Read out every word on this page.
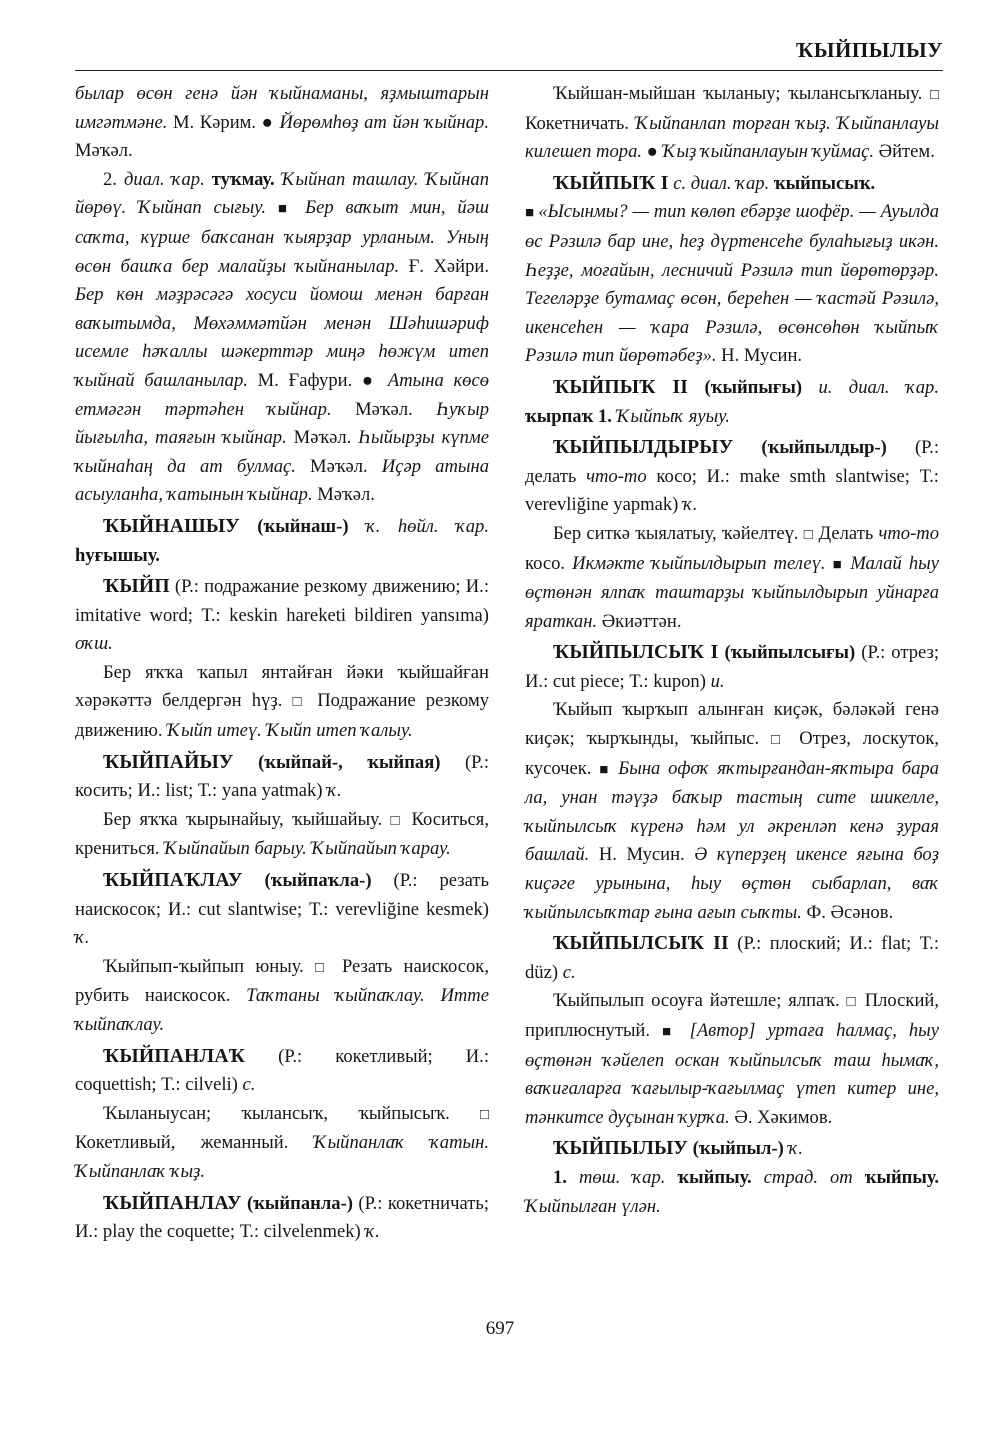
ҠЫЙПЫЛЫУ

былар өсөн генә йән ҡыйнаманы, яҙмыштарын имгәтмәне. М. Кәрим. ● Йөрөмһөҙ ат йән ҡыйнар. Мәҡәл.

2. диал. ҡар. туҡмау. Ҡыйнап ташлау. Ҡыйнап йөрөү. Ҡыйнап сығыу. ■ Бер ваҡыт мин, йәш саҡта, күрше баҡсанан ҡыярҙар урланым. Уның өсөн башҡа бер малайҙы ҡыйнанылар. Ғ. Хәйри. Бер көн мәҙрәсәгә хосуси йомош менән барған ваҡытымда, Мөхәммәтйән менән Шәһишәриф исемле һәҡаллы шәкерттәр миңә һөжүм итеп ҡыйнай башланылар. М. Ғафури. ● Атына көсө етмәгән тәртәһен ҡыйнар. Мәҡәл. Һуҡыр йығылһа, таяғын ҡыйнар. Мәҡәл. Һыйырҙы күпме ҡыйнаһаң да ат булмаҫ. Мәҡәл. Иҫәр атына асыуланһа, ҡатынын ҡыйнар. Мәҡәл.

ҠЫЙНАШЫУ (ҡыйнаш-) ҡ. һөйл. ҡар. һуғышыу.

ҠЫЙП (Р.: подражание резкому движению; И.: imitative word; Т.: keskin hareketi bildiren yansıma) оҡш.

Бер яҡҡа ҡапыл янтайған йәки ҡыйшайған хәрәкәттә белдергән һүҙ. □ Подражание резкому движению. Ҡыйп итеү. Ҡыйп итеп ҡалыу.

ҠЫЙПАЙЫУ (ҡыйпай-, ҡыйпая) (Р.: косить; И.: list; Т.: yana yatmak) ҡ.

Бер яҡҡа ҡырынайыу, ҡыйшайыу. □ Коситься, крениться. Ҡыйпайып барыу. Ҡыйпайып ҡарау.

ҠЫЙПАҠЛАУ (ҡыйпаҡла-) (Р.: резать наискосок; И.: cut slantwise; Т.: verevliğine kesmek) ҡ.

Ҡыйпып-ҡыйпып юныу. □ Резать наискосок, рубить наискосок. Таҡтаны ҡыйпаҡлау. Итте ҡыйпаҡлау.

ҠЫЙПАНЛАҠ (Р.: кокетливый; И.: coquettish; Т.: cilveli) с.

Ҡыланыусан; ҡылансыҡ, ҡыйпысыҡ. □ Кокетливый, жеманный. Ҡыйпанлаҡ ҡатын. Ҡыйпанлаҡ ҡыҙ.

ҠЫЙПАНЛАУ (ҡыйпанла-) (Р.: кокетничать; И.: play the coquette; Т.: cilvelenmek) ҡ.

Ҡыйшан-мыйшан ҡыланыу; ҡылансыҡланыу. □ Кокетничать. Ҡыйпанлап торған ҡыҙ. Ҡыйпанлауы килешеп тора. ● Ҡыҙ ҡыйпанлауын ҡуймаҫ. Әйтем.

ҠЫЙПЫҠ I с. диал. ҡар. ҡыйпысыҡ.

■ «Ысынмы? — тип көлөп ебәрҙе шофёр. — Ауылда өс Рәзилә бар ине, һеҙ дүртенсеһе булаһығыҙ икән. Һеҙҙе, моғайын, лесничий Рәзилә тип йөрөтөрҙәр. Тегеләрҙе бутамаҫ өсөн, береһен — ҡастәй Рәзилә, икенсеһен — ҡара Рәзилә, өсөнсөһөн ҡыйпыҡ Рәзилә тип йөрөтәбеҙ». Н. Мусин.

ҠЫЙПЫҠ II (ҡыйпығы) и. диал. ҡар. ҡырпаҡ 1. Ҡыйпыҡ яуыу.

ҠЫЙПЫЛДЫРЫУ (ҡыйпылдыр-) (Р.: делать что-то косо; И.: make smth slantwise; Т.: verevliğine yapmak) ҡ.

Бер ситкә ҡыялатыу, ҡәйелтеү. □ Делать что-то косо. Икмәкте ҡыйпылдырып телеү. ■ Малай һыу өҫтөнән ялпаҡ таштарҙы ҡыйпылдырып уйнарға яраткан. Әкиәттән.

ҠЫЙПЫЛСЫҠ I (ҡыйпылсығы) (Р.: отрез; И.: cut piece; Т.: kupon) и.

Ҡыйып ҡырҡып алынған киҫәк, бәләкәй генә киҫәк; ҡырҡынды, ҡыйпыс. □ Отрез, лоскуток, кусочек. ■ Бына офоҡ яҡтырғандан-яҡтыра бара ла, унан тәүҙә баҡыр тастың сите шикелле, ҡыйпылсыҡ күренә һәм ул әкренләп кенә ҙурая башлай. Н. Мусин. Ә күперҙең икенсе яғына боҙ киҫәге урынына, һыу өҫтөн сыбарлап, ваҡ ҡыйпылсыҡтар ғына ағып сыҡты. Ф. Әсәнов.

ҠЫЙПЫЛСЫҠ II (Р.: плоский; И.: flat; Т.: düz) с.

Ҡыйпылып осоуға йәтешле; ялпаҡ. □ Плоский, приплюснутый. ■ [Автор] уртаға һалмаҫ, һыу өҫтөнән ҡәйелеп оскан ҡыйпылсыҡ таш һымаҡ, ваҡиғаларға ҡағылыр-ҡағылмаҫ үтеп китер ине, тәнкитсе дуҫынан ҡурҡа. Ә. Хәкимов.

ҠЫЙПЫЛЫУ (ҡыйпыл-) ҡ.

1. төш. ҡар. ҡыйпыу. страд. от ҡыйпыу. Ҡыйпылған үлән.

697
